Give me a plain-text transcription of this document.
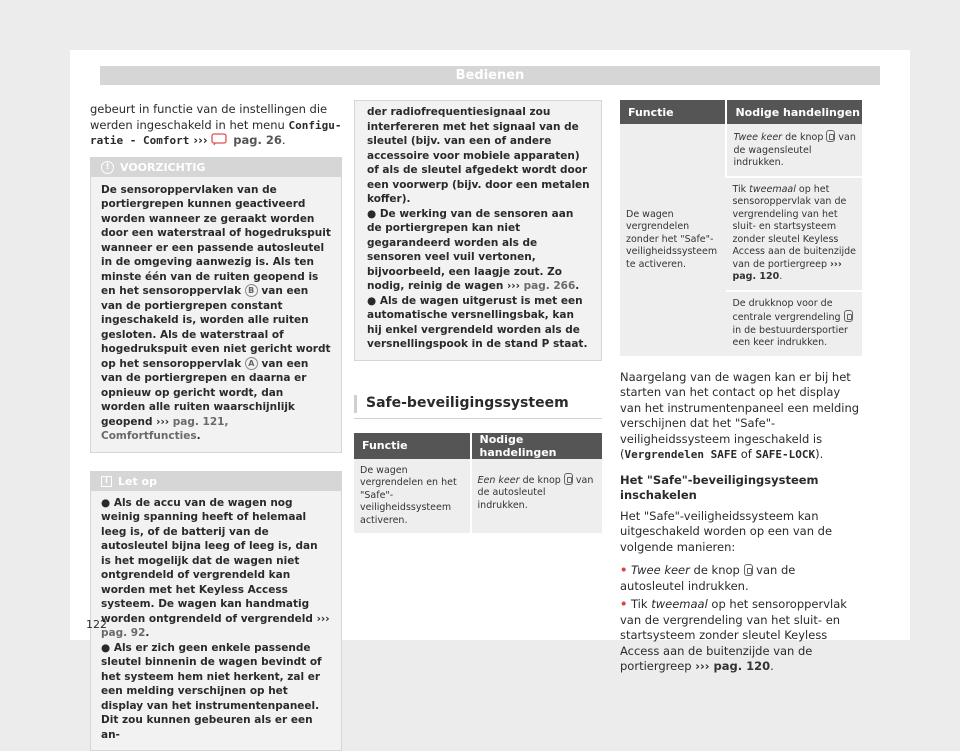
Bedienen

gebeurt in functie van de instellingen die werden ingeschakeld in het menu Configu-ratie - Comfort ›››  pag. 26.

! VOORZICHTIG
De sensoroppervlaken van de portiergrepen kunnen geactiveerd worden wanneer ze geraakt worden door een waterstraal of hogedrukspuit wanneer er een passende autosleutel in de omgeving aanwezig is. Als ten minste één van de ruiten geopend is en het sensoroppervlak B van een van de portiergrepen constant ingeschakeld is, worden alle ruiten gesloten. Als de waterstraal of hogedrukspuit even niet gericht wordt op het sensoroppervlak A van een van de portiergrepen en daarna er opnieuw op gericht wordt, dan worden alle ruiten waarschijnlijk geopend ››› pag. 121, Comfortfuncties.
i Let op

● Als de accu van de wagen nog weinig spanning heeft of helemaal leeg is, of de batterij van de autosleutel bijna leeg of leeg is, dan is het mogelijk dat de wagen niet ontgrendeld of vergrendeld kan worden met het Keyless Access systeem. De wagen kan handmatig worden ontgrendeld of vergrendeld ››› pag. 92.

● Als er zich geen enkele passende sleutel binnenin de wagen bevindt of het systeem hem niet herkent, zal er een melding verschijnen op het display van het instrumentenpaneel. Dit zou kunnen gebeuren als er een an-

der radiofrequentiesignaal zou interfereren met het signaal van de sleutel (bijv. van een of andere accessoire voor mobiele apparaten) of als de sleutel afgedekt wordt door een voorwerp (bijv. door een metalen koffer).

● De werking van de sensoren aan de portiergrepen kan niet gegarandeerd worden als de sensoren veel vuil vertonen, bijvoorbeeld, een laagje zout. Zo nodig, reinig de wagen ››› pag. 266.

● Als de wagen uitgerust is met een automatische versnellingsbak, kan hij enkel vergrendeld worden als de versnellingspook in de stand P staat.

Safe-beveiligingssysteem
Functie	Nodige handelingen
De wagen vergrendelen en het "Safe"-veiligheidssysteem activeren.	Een keer de knop  van de autosleutel indrukken.
Functie	Nodige handelingen
De wagen vergrendelen zonder het "Safe"-veiligheidssysteem te activeren.	Twee keer de knop  van de wagensleutel indrukken.
	Tik tweemaal op het sensoroppervlak van de vergrendeling van het sluit- en startsysteem zonder sleutel Keyless Access aan de buitenzijde van de portiergreep ››› pag. 120.
	De drukknop voor de centrale vergrendeling  in de bestuurdersportier een keer indrukken.

Naargelang van de wagen kan er bij het starten van het contact op het display van het instrumentenpaneel een melding verschijnen dat het "Safe"-veiligheidssysteem ingeschakeld is (Vergrendelen SAFE of SAFE-LOCK).

Het "Safe"-beveiligingsysteem inschakelen

Het "Safe"-veiligheidssysteem kan uitgeschakeld worden op een van de volgende manieren:

• Twee keer de knop  van de autosleutel indrukken.

• Tik tweemaal op het sensoroppervlak van de vergrendeling van het sluit- en startsysteem zonder sleutel Keyless Access aan de buitenzijde van de portiergreep ››› pag. 120.

122
